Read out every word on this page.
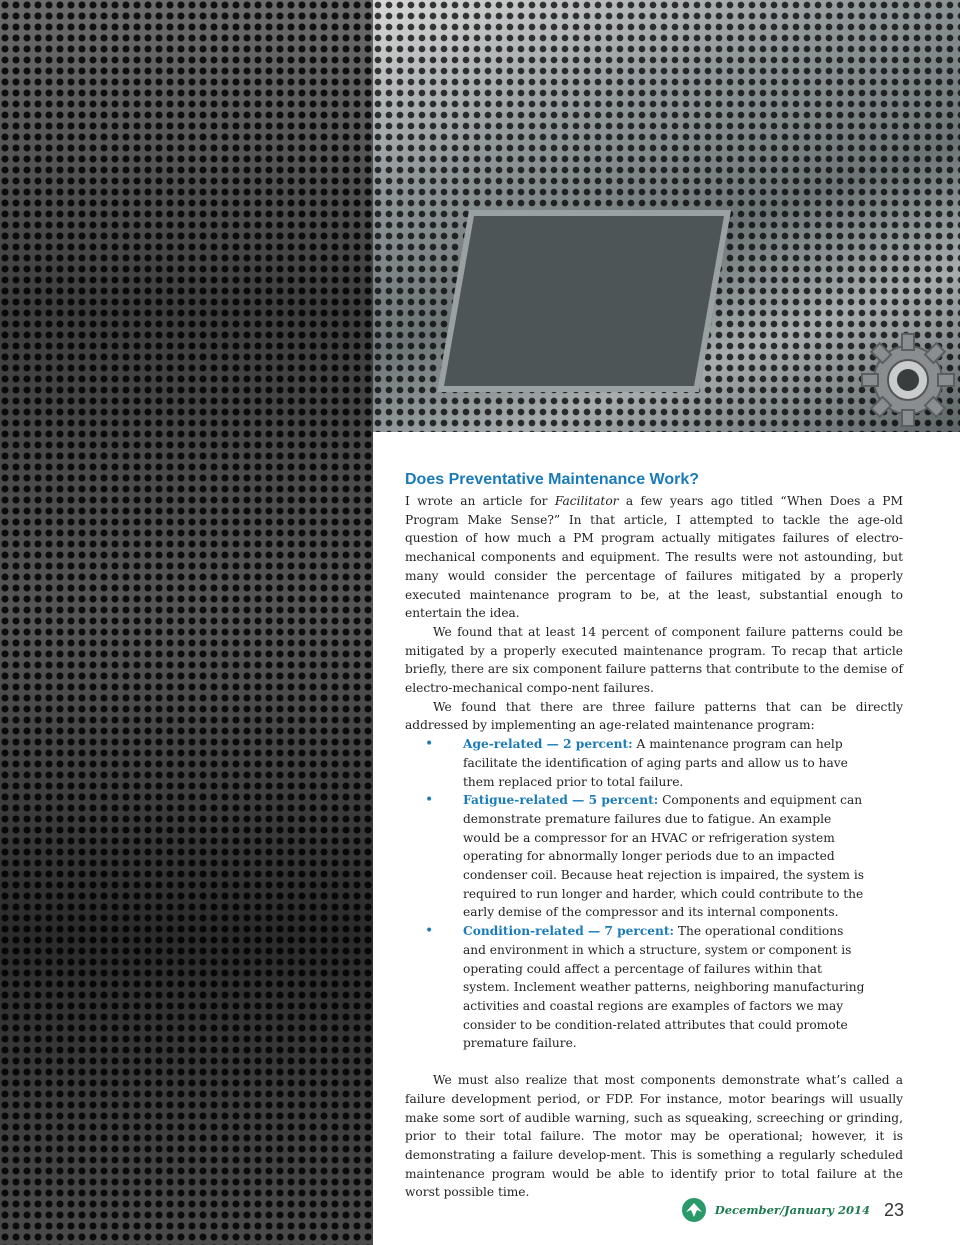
Does Preventative Maintenance Work?

I wrote an article for Facilitator a few years ago titled “When Does a PM Program Make Sense?” In that article, I attempted to tackle the age-old question of how much a PM program actually mitigates failures of electro-mechanical components and equipment. The results were not astounding, but many would consider the percentage of failures mitigated by a properly executed maintenance program to be, at the least, substantial enough to entertain the idea.

We found that at least 14 percent of component failure patterns could be mitigated by a properly executed maintenance program. To recap that article briefly, there are six component failure patterns that contribute to the demise of electro-mechanical compo-nent failures.

We found that there are three failure patterns that can be directly addressed by implementing an age-related maintenance program:

• Age-related — 2 percent: A maintenance program can help facilitate the identification of aging parts and allow us to have them replaced prior to total failure.
• Fatigue-related — 5 percent: Components and equipment can demonstrate premature failures due to fatigue. An example would be a compressor for an HVAC or refrigeration system operating for abnormally longer periods due to an impacted condenser coil. Because heat rejection is impaired, the system is required to run longer and harder, which could contribute to the early demise of the compressor and its internal components.
• Condition-related — 7 percent: The operational conditions and environment in which a structure, system or component is operating could affect a percentage of failures within that system. Inclement weather patterns, neighboring manufacturing activities and coastal regions are examples of factors we may consider to be condition-related attributes that could promote premature failure.

We must also realize that most components demonstrate what’s called a failure development period, or FDP. For instance, motor bearings will usually make some sort of audible warning, such as squeaking, screeching or grinding, prior to their total failure. The motor may be operational; however, it is demonstrating a failure develop-ment. This is something a regularly scheduled maintenance program would be able to identify prior to total failure at the worst possible time.

December/January 2014 23
